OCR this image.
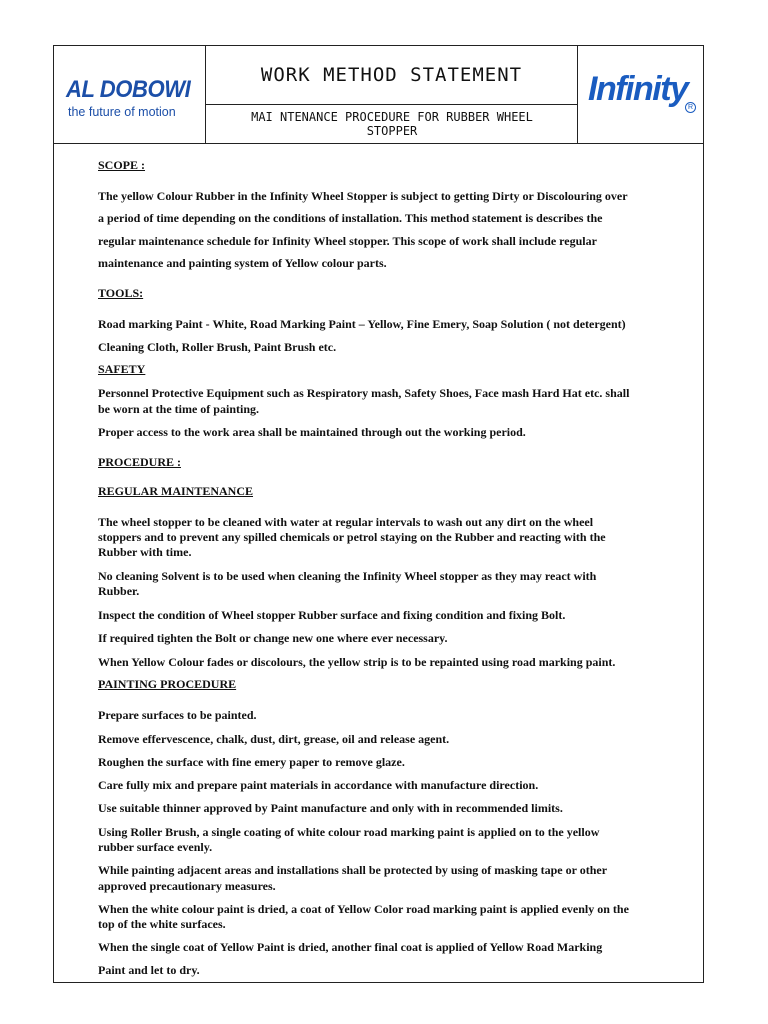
AL DOBOWI
the future of motion
WORK METHOD STATEMENT
MAI NTENANCE PROCEDURE FOR RUBBER WHEEL
STOPPER
Infinity R
SCOPE :
The yellow Colour Rubber in the Infinity Wheel Stopper is subject to getting Dirty or Discolouring over
a period of time depending on the conditions of installation. This method statement is describes the
regular maintenance schedule for Infinity Wheel stopper. This scope of work shall include regular
maintenance and painting system of Yellow colour parts.
TOOLS:
Road marking Paint - White, Road Marking Paint – Yellow, Fine Emery, Soap Solution ( not detergent)
Cleaning Cloth, Roller Brush, Paint Brush etc.
SAFETY
Personnel Protective Equipment such as Respiratory mash, Safety Shoes, Face mash Hard Hat etc. shall
be worn at the time of painting.
Proper access to the work area shall be maintained through out the working period.
PROCEDURE :
REGULAR MAINTENANCE
The wheel stopper to be cleaned with water at regular intervals to wash out any dirt on the wheel
stoppers and to prevent any spilled chemicals or petrol staying on the Rubber and reacting with the
Rubber with time.
No cleaning Solvent is to be used when cleaning the Infinity Wheel stopper as they may react with
Rubber.
Inspect the condition of Wheel stopper Rubber surface and fixing condition and fixing Bolt.
If required tighten the Bolt or change new one where ever necessary.
When Yellow Colour fades or discolours, the yellow strip is to be repainted using road marking paint.
PAINTING PROCEDURE
Prepare surfaces to be painted.
Remove effervescence, chalk, dust, dirt, grease, oil and release agent.
Roughen the surface with fine emery paper to remove glaze.
Care fully mix and prepare paint materials in accordance with manufacture direction.
Use suitable thinner approved by Paint manufacture and only with in recommended limits.
Using Roller Brush, a single coating of white colour road marking paint is applied on to the yellow
rubber surface evenly.
While painting adjacent areas and installations shall be protected by using of masking tape or other
approved precautionary measures.
When the white colour paint is dried, a coat of Yellow Color road marking paint is applied evenly on the
top of the white surfaces.
When the single coat of Yellow Paint is dried, another final coat is applied of Yellow Road Marking
Paint and let to dry.
